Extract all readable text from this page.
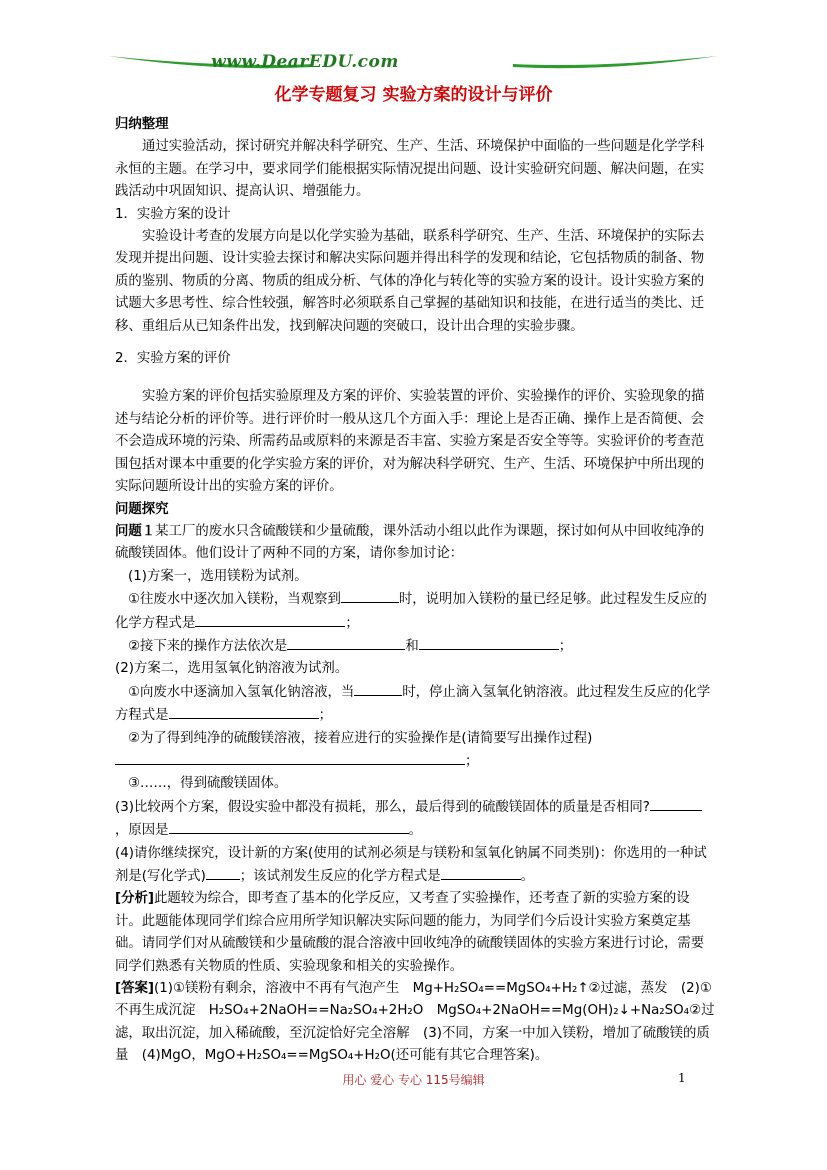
www.DearEDU.com
化学专题复习 实验方案的设计与评价

归纳整理

通过实验活动，探讨研究并解决科学研究、生产、生活、环境保护中面临的一些问题是化学学科永恒的主题。在学习中，要求同学们能根据实际情况提出问题、设计实验研究问题、解决问题，在实践活动中巩固知识、提高认识、增强能力。

1．实验方案的设计

实验设计考查的发展方向是以化学实验为基础，联系科学研究、生产、生活、环境保护的实际去发现并提出问题、设计实验去探讨和解决实际问题并得出科学的发现和结论，它包括物质的制备、物质的鉴别、物质的分离、物质的组成分析、气体的净化与转化等的实验方案的设计。设计实验方案的试题大多思考性、综合性较强，解答时必须联系自己掌握的基础知识和技能，在进行适当的类比、迁移、重组后从已知条件出发，找到解决问题的突破口，设计出合理的实验步骤。

2．实验方案的评价

实验方案的评价包括实验原理及方案的评价、实验装置的评价、实验操作的评价、实验现象的描述与结论分析的评价等。进行评价时一般从这几个方面入手：理论上是否正确、操作上是否简便、会不会造成环境的污染、所需药品或原料的来源是否丰富、实验方案是否安全等等。实验评价的考查范围包括对课本中重要的化学实验方案的评价，对为解决科学研究、生产、生活、环境保护中所出现的实际问题所设计出的实验方案的评价。

问题探究

问题１某工厂的废水只含硫酸镁和少量硫酸，课外活动小组以此作为课题，探讨如何从中回收纯净的硫酸镁固体。他们设计了两种不同的方案，请你参加讨论：

(1)方案一，选用镁粉为试剂。

①往废水中逐次加入镁粉，当观察到	时，说明加入镁粉的量已经足够。此过程发生反应的化学方程式是	；

②接下来的操作方法依次是	和	；

(2)方案二，选用氢氧化钠溶液为试剂。

①向废水中逐滴加入氢氧化钠溶液，当	时，停止滴入氢氧化钠溶液。此过程发生反应的化学方程式是	；

②为了得到纯净的硫酸镁溶液，接着应进行的实验操作是(请简要写出操作过程)

；

③……，得到硫酸镁固体。

(3)比较两个方案，假设实验中都没有损耗，那么，最后得到的硫酸镁固体的质量是否相同?，原因是	。

(4)请你继续探究，设计新的方案(使用的试剂必须是与镁粉和氢氧化钠属不同类别)：你选用的一种试剂是(写化学式)	；该试剂发生反应的化学方程式是	。

[分析]此题较为综合，即考查了基本的化学反应，又考查了实验操作，还考查了新的实验方案的设计。此题能体现同学们综合应用所学知识解决实际问题的能力，为同学们今后设计实验方案奠定基础。请同学们对从硫酸镁和少量硫酸的混合溶液中回收纯净的硫酸镁固体的实验方案进行讨论，需要同学们熟悉有关物质的性质、实验现象和相关的实验操作。

[答案](1)①镁粉有剩余，溶液中不再有气泡产生　Mg+H₂SO₄==MgSO₄+H₂↑②过滤，蒸发　(2)①不再生成沉淀　H₂SO₄+2NaOH==Na₂SO₄+2H₂O　MgSO₄+2NaOH==Mg(OH)₂↓+Na₂SO₄②过滤，取出沉淀，加入稀硫酸，至沉淀恰好完全溶解　(3)不同，方案一中加入镁粉，增加了硫酸镁的质量　(4)MgO，MgO+H₂SO₄==MgSO₄+H₂O(还可能有其它合理答案)。

用心 爱心 专心 115号编辑	1
